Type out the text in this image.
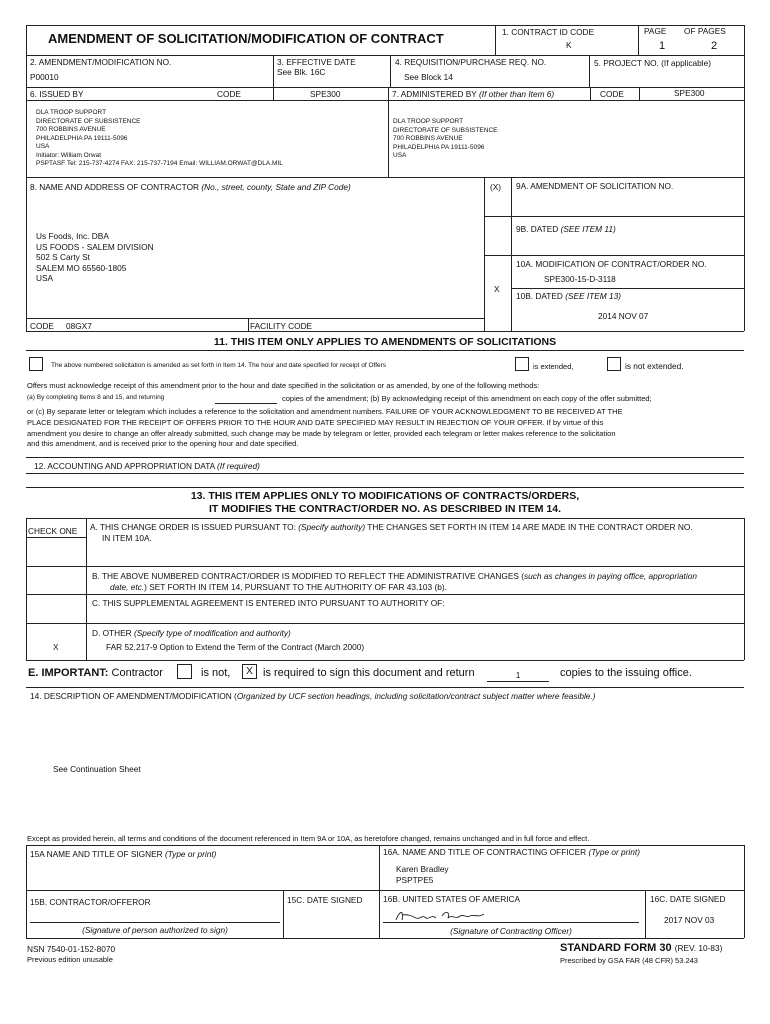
AMENDMENT OF SOLICITATION/MODIFICATION OF CONTRACT	1. CONTRACT ID CODE
K
PAGE OF PAGES
1	2
2. AMENDMENT/MODIFICATION NO.
P00010
3. EFFECTIVE DATE
See Blk. 16C
4. REQUISITION/PURCHASE REQ. NO.
See Block 14
5. PROJECT NO. (If applicable)
6. ISSUED BY	CODE	SPE300	7. ADMINISTERED BY (If other than Item 6)	CODE	SPE300
DLA TROOP SUPPORT
DIRECTORATE OF SUBSISTENCE
700 ROBBINS AVENUE
PHILADELPHIA PA 19111-5096
USA
Initiator: William Orwat
PSPTASF Tel: 215-737-4274 FAX: 215-737-7194 Email: WILLIAM.ORWAT@DLA.MIL
DLA TROOP SUPPORT
DIRECTORATE OF SUBSISTENCE
700 ROBBINS AVENUE
PHILADELPHIA PA 19111-5096
USA
8. NAME AND ADDRESS OF CONTRACTOR (No., street, county, State and ZIP Code)	(X) 9A. AMENDMENT OF SOLICITATION NO.
9B. DATED (SEE ITEM 11)
10A. MODIFICATION OF CONTRACT/ORDER NO.
SPE300-15-D-3118
X
10B. DATED (SEE ITEM 13)
2014 NOV 07
Us Foods, Inc. DBA
US FOODS - SALEM DIVISION
502 S Carty St
SALEM MO 65560-1805
USA
CODE 08GX7	FACILITY CODE
11. THIS ITEM ONLY APPLIES TO AMENDMENTS OF SOLICITATIONS
The above numbered solicitation is amended as set forth in Item 14. The hour and date specified for receipt of Offers	is extended,	is not extended.
Offers must acknowledge receipt of this amendment prior to the hour and date specified in the solicitation or as amended, by one of the following methods:
(a) By completing Items 8 and 15, and returning	copies of the amendment; (b) By acknowledging receipt of this amendment on each copy of the offer submitted;
or (c) By separate letter or telegram which includes a reference to the solicitation and amendment numbers. FAILURE OF YOUR ACKNOWLEDGMENT TO BE RECEIVED AT THE
PLACE DESIGNATED FOR THE RECEIPT OF OFFERS PRIOR TO THE HOUR AND DATE SPECIFIED MAY RESULT IN REJECTION OF YOUR OFFER. If by virtue of this
amendment you desire to change an offer already submitted, such change may be made by telegram or letter, provided each telegram or letter makes reference to the solicitation
and this amendment, and is received prior to the opening hour and date specified.
12. ACCOUNTING AND APPROPRIATION DATA (If required)
13. THIS ITEM APPLIES ONLY TO MODIFICATIONS OF CONTRACTS/ORDERS,
IT MODIFIES THE CONTRACT/ORDER NO. AS DESCRIBED IN ITEM 14.
CHECK ONE A. THIS CHANGE ORDER IS ISSUED PURSUANT TO: (Specify authority) THE CHANGES SET FORTH IN ITEM 14 ARE MADE IN THE CONTRACT ORDER NO.
IN ITEM 10A.
B. THE ABOVE NUMBERED CONTRACT/ORDER IS MODIFIED TO REFLECT THE ADMINISTRATIVE CHANGES (such as changes in paying office, appropriation
date, etc.) SET FORTH IN ITEM 14, PURSUANT TO THE AUTHORITY OF FAR 43.103 (b).
C. THIS SUPPLEMENTAL AGREEMENT IS ENTERED INTO PURSUANT TO AUTHORITY OF:
D. OTHER (Specify type of modification and authority)
FAR 52.217-9 Option to Extend the Term of the Contract (March 2000)
X
E. IMPORTANT: Contractor	is not,	X is required to sign this document and return	1	copies to the issuing office.
14. DESCRIPTION OF AMENDMENT/MODIFICATION (Organized by UCF section headings, including solicitation/contract subject matter where feasible.)
See Continuation Sheet
Except as provided herein, all terms and conditions of the document referenced in Item 9A or 10A, as heretofore changed, remains unchanged and in full force and effect.
15A NAME AND TITLE OF SIGNER (Type or print)	16A. NAME AND TITLE OF CONTRACTING OFFICER (Type or print)
Karen Bradley
PSPTPE5
15B. CONTRACTOR/OFFEROR	15C. DATE SIGNED 16B. UNITED STATES OF AMERICA	16C. DATE SIGNED
2017 NOV 03
(Signature of person authorized to sign)	(Signature of Contracting Officer)
NSN 7540-01-152-8070
Previous edition unusable
STANDARD FORM 30 (REV. 10-83)
Prescribed by GSA FAR (48 CFR) 53.243
